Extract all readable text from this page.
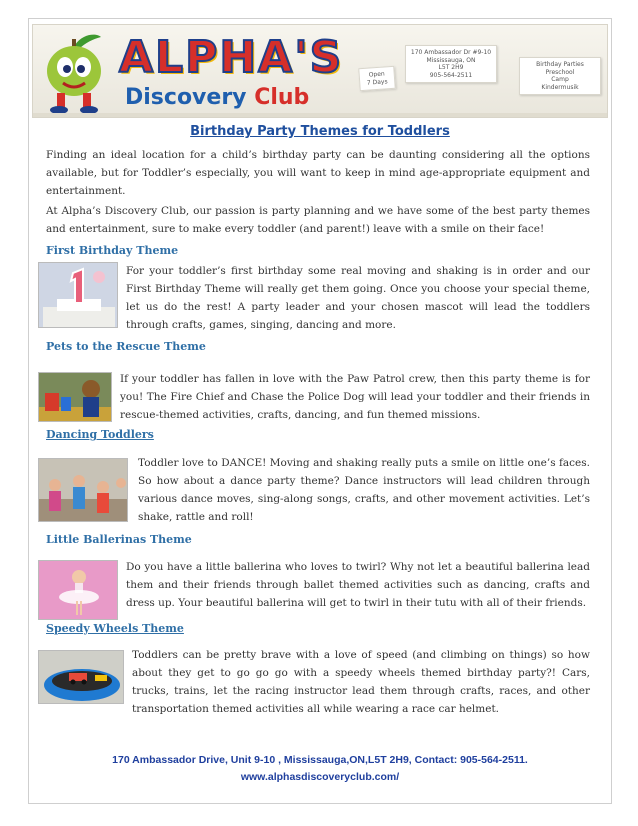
ALPHA'S
Discovery Club
170 Ambassador Dr #9-10
Mississauga, ON
L5T 2H9
905-564-2511
Open
7 Days
Birthday Parties
Preschool
Camp
Kindermusik
Birthday Party Themes for Toddlers

Finding an ideal location for a child’s birthday party can be daunting considering all the options available, but for Toddler’s especially, you will want to keep in mind age-appropriate equipment and entertainment.

At Alpha’s Discovery Club, our passion is party planning and we have some of the best party themes and entertainment, sure to make every toddler (and parent!) leave with a smile on their face!

First Birthday Theme

For your toddler’s first birthday some real moving and shaking is in order and our First Birthday Theme will really get them going. Once you choose your special theme, let us do the rest! A party leader and your chosen mascot will lead the toddlers through crafts, games, singing, dancing and more.

Pets to the Rescue Theme

If your toddler has fallen in love with the Paw Patrol crew, then this party theme is for you! The Fire Chief and Chase the Police Dog will lead your toddler and their friends in rescue-themed activities, crafts, dancing, and fun themed missions.

Dancing Toddlers

Toddler love to DANCE! Moving and shaking really puts a smile on little one’s faces. So how about a dance party theme? Dance instructors will lead children through various dance moves, sing-along songs, crafts, and other movement activities. Let’s shake, rattle and roll!

Little Ballerinas Theme

Do you have a little ballerina who loves to twirl? Why not let a beautiful ballerina lead them and their friends through ballet themed activities such as dancing, crafts and dress up. Your beautiful ballerina will get to twirl in their tutu with all of their friends.

Speedy Wheels Theme

Toddlers can be pretty brave with a love of speed (and climbing on things) so how about they get to go go go with a speedy wheels themed birthday party?! Cars, trucks, trains, let the racing instructor lead them through crafts, races, and other transportation themed activities all while wearing a race car helmet.

170 Ambassador Drive, Unit 9-10 , Mississauga,ON,L5T 2H9, Contact: 905-564-2511.
www.alphasdiscoveryclub.com/
